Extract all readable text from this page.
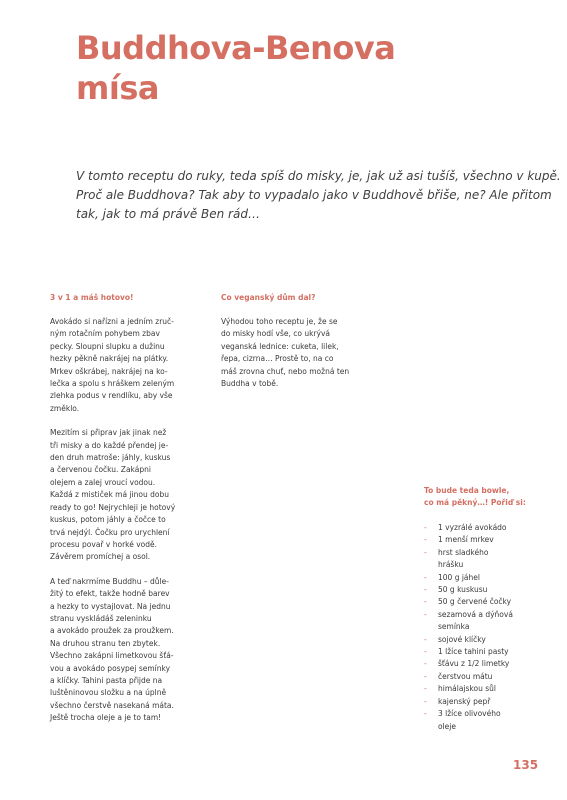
Buddhova-Benova
mísa

V tomto receptu do ruky, teda spíš do misky, je, jak už asi tušíš, všechno v kupě.
Proč ale Buddhova? Tak aby to vypadalo jako v Buddhově břiše, ne? Ale přitom
tak, jak to má právě Ben rád…

3 v 1 a máš hotovo!

Avokádo si nařízni a jedním zruč-
ným rotačním pohybem zbav
pecky. Sloupni slupku a dužinu
hezky pěkně nakrájej na plátky.
Mrkev oškrábej, nakrájej na ko-
lečka a spolu s hráškem zeleným
zlehka podus v rendlíku, aby vše
změklo.

Mezitím si připrav jak jinak než
tři misky a do každé přendej je-
den druh matroše: jáhly, kuskus
a červenou čočku. Zakápni
olejem a zalej vroucí vodou.
Každá z mističek má jinou dobu
ready to go! Nejrychleji je hotový
kuskus, potom jáhly a čočce to
trvá nejdýl. Čočku pro urychlení
procesu povař v horké vodě.
Závěrem promíchej a osol.

A teď nakrmíme Buddhu – důle-
žitý to efekt, takže hodně barev
a hezky to vystajlovat. Na jednu
stranu vyskládáš zeleninku
a avokádo proužek za proužkem.
Na druhou stranu ten zbytek.
Všechno zakápni limetkovou šťá-
vou a avokádo posypej semínky
a klíčky. Tahini pasta přijde na
luštěninovou složku a na úplně
všechno čerstvě nasekaná máta.
Ještě trocha oleje a je to tam!

Co veganský dům dal?

Výhodou toho receptu je, že se
do misky hodí vše, co ukrývá
veganská lednice: cuketa, lilek,
řepa, cizrna… Prostě to, na co
máš zrovna chuť, nebo možná ten
Buddha v tobě.

To bude teda bowle,
co má pěkný…! Pořiď si:
- 1 vyzrálé avokádo
- 1 menší mrkev
- hrst sladkého
hrášku
- 100 g jáhel
- 50 g kuskusu
- 50 g červené čočky
- sezamová a dýňová
semínka
- sojové klíčky
- 1 lžíce tahini pasty
- šťávu z 1/2 limetky
- čerstvou mátu
- himálajskou sůl
- kajenský pepř
- 3 lžíce olivového
oleje
135
